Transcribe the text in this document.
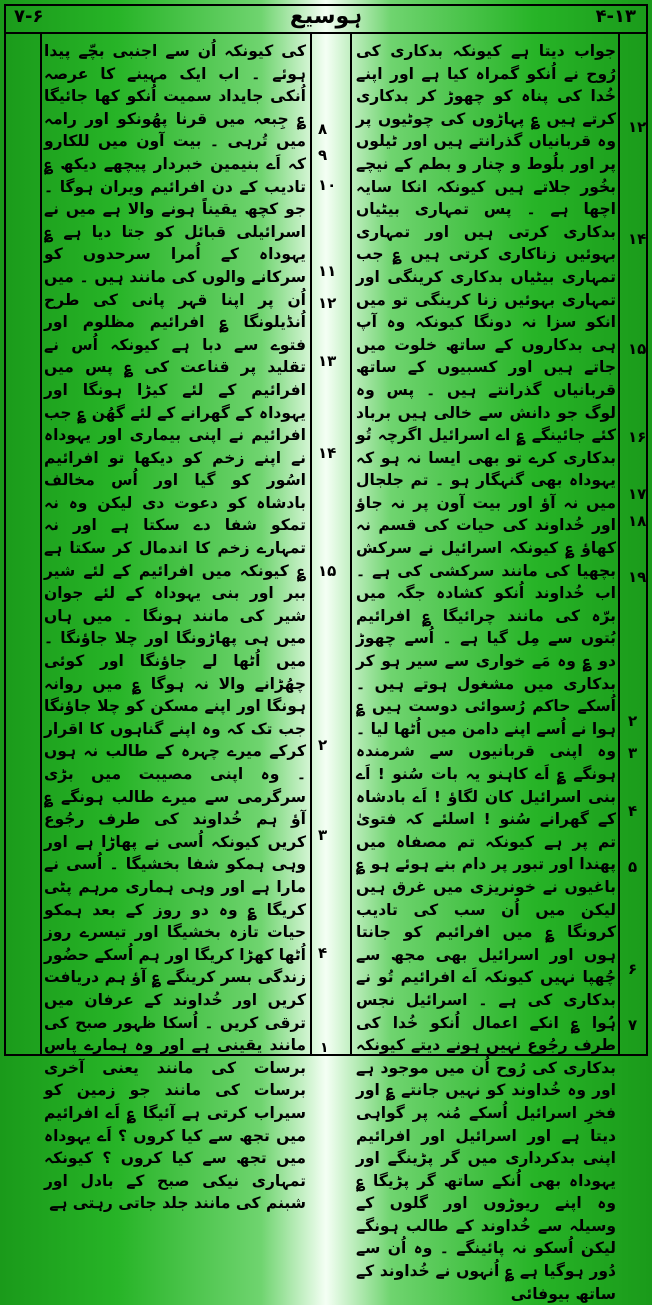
۷-۶	ہوسیع	۴-۱۳

جواب دیتا ہے کیونکہ بدکاری کی رُوح نے اُنکو گمراہ کیا ہے اور اپنے خُدا کی پناہ کو چھوڑ کر بدکاری کرتے ہیں ؏ پہاڑوں کی چوٹیوں پر وہ قربانیاں گذرانتے ہیں اور ٹیلوں پر اور بلُوط و چنار و بطم کے نیچے بخُور جلاتے ہیں کیونکہ انکا سایہ اچھا ہے ۔ پس تمہاری بیٹیاں بدکاری کرتی ہیں اور تمہاری بہوئیں زناکاری کرتی ہیں ؏ جب تمہاری بیٹیاں بدکاری کرینگی اور تمہاری بہوئیں زنا کرینگی تو میں انکو سزا نہ دونگا کیونکہ وہ آپ ہی بدکاروں کے ساتھ خلوت میں جاتے ہیں اور کسبیوں کے ساتھ قربانیاں گذرانتے ہیں ۔ پس وہ لوگ جو دانش سے خالی ہیں برباد کئے جائینگے ؏ اے اسرائیل اگرچہ تُو بدکاری کرے تو بھی ایسا نہ ہو کہ یہوداہ بھی گنہگار ہو ۔ تم جلجال میں نہ آؤ اور بیت آون پر نہ جاؤ اور خُداوند کی حیات کی قسم نہ کھاؤ ؏ کیونکہ اسرائیل نے سرکش بچھیا کی مانند سرکشی کی ہے ۔ اب خُداوند اُنکو کشادہ جگہ میں برّہ کی مانند چرائیگا ؏ افرائیم بُتوں سے مِل گیا ہے ۔ اُسے چھوڑ دو ؏ وہ مَے خواری سے سیر ہو کر بدکاری میں مشغول ہوتے ہیں ۔ اُسکے حاکم رُسوائی دوست ہیں ؏ ہوا نے اُسے اپنے دامن میں اُٹھا لیا ۔ وہ اپنی قربانیوں سے شرمندہ ہونگے ؏ اَے کاہنو یہ بات سُنو ! اَے بنی اسرائیل کان لگاؤ ! اَے بادشاہ کے گھرانے سُنو ! اسلئے کہ فتویٰ تم پر ہے کیونکہ تم مصفاہ میں پھندا اور تبور پر دام بنے ہوئے ہو ؏ باغیوں نے خونریزی میں غرق ہیں لیکن میں اُن سب کی تادیب کرونگا ؏ میں افرائیم کو جانتا ہوں اور اسرائیل بھی مجھ سے چُھپا نہیں کیونکہ اَے افرائیم تُو نے بدکاری کی ہے ۔ اسرائیل نجس ہُوا ؏ انکے اعمال اُنکو خُدا کی طرف رجُوع نہیں ہونے دیتے کیونکہ بدکاری کی رُوح اُن میں موجود ہے اور وہ خُداوند کو نہیں جانتے ؏ اور فخرِ اسرائیل اُسکے مُنہ پر گواہی دیتا ہے اور اسرائیل اور افرائیم اپنی بدکرداری میں گر پڑینگے اور یہوداہ بھی اُنکے ساتھ گر پڑیگا ؏ وہ اپنے ریوڑوں اور گلوں کے وسیلہ سے خُداوند کے طالب ہونگے لیکن اُسکو نہ پائینگے ۔ وہ اُن سے دُور ہوگیا ہے ؏ اُنہوں نے خُداوند کے ساتھ بیوفائی

کی کیونکہ اُن سے اجنبی بچّے پیدا ہوئے ۔ اب ایک مہینے کا عرصہ اُنکی جایداد سمیت اُنکو کھا جائیگا ؏ جِبعہ میں قرنا پھُونکو اور رامہ میں تُرہی ۔ بیت آون میں للکارو کہ اَے بنیمین خبردار پیچھے دیکھ ؏ تادیب کے دن افرائیم ویران ہوگا ۔ جو کچھ یقیناً ہونے والا ہے میں نے اسرائیلی قبائل کو جتا دیا ہے ؏ یہوداہ کے اُمرا سرحدوں کو سرکانے والوں کی مانند ہیں ۔ میں اُن پر اپنا قہر پانی کی طرح اُنڈیلونگا ؏ افرائیم مظلوم اور فتوے سے دبا ہے کیونکہ اُس نے تقلید پر قناعت کی ؏ پس میں افرائیم کے لئے کیڑا ہونگا اور یہوداہ کے گھرانے کے لئے گھُن ؏ جب افرائیم نے اپنی بیماری اور یہوداہ نے اپنے زخم کو دیکھا تو افرائیم اسُور کو گیا اور اُس مخالف بادشاہ کو دعوت دی لیکن وہ نہ تمکو شفا دے سکتا ہے اور نہ تمہارے زخم کا اندمال کر سکتا ہے ؏ کیونکہ میں افرائیم کے لئے شیر ببر اور بنی یہوداہ کے لئے جوان شیر کی مانند ہونگا ۔ میں ہاں میں ہی پھاڑونگا اور چلا جاؤنگا ۔ میں اُٹھا لے جاؤنگا اور کوئی چھُڑانے والا نہ ہوگا ؏ میں روانہ ہونگا اور اپنے مسکن کو چلا جاؤنگا جب تک کہ وہ اپنے گناہوں کا اقرار کرکے میرے چہرہ کے طالب نہ ہوں ۔ وہ اپنی مصیبت میں بڑی سرگرمی سے میرے طالب ہونگے ؏ آؤ ہم خُداوند کی طرف رجُوع کریں کیونکہ اُسی نے پھاڑا ہے اور وہی ہمکو شفا بخشیگا ۔ اُسی نے مارا ہے اور وہی ہماری مرہم پٹی کریگا ؏ وہ دو روز کے بعد ہمکو حیات تازہ بخشیگا اور تیسرے روز اُٹھا کھڑا کریگا اور ہم اُسکے حضُور زندگی بسر کرینگے ؏ آؤ ہم دریافت کریں اور خُداوند کے عرفان میں ترقی کریں ۔ اُسکا ظہور صبح کی مانند یقینی ہے اور وہ ہمارے پاس برسات کی مانند یعنی آخری برسات کی مانند جو زمین کو سیراب کرتی ہے آئیگا ؏ اَے افرائیم میں تجھ سے کیا کروں ؟ اَے یہوداہ میں تجھ سے کیا کروں ؟ کیونکہ تمہاری نیکی صبح کے بادل اور شبنم کی مانند جلد جاتی رہتی ہے

۱۲
۱۴
۱۵
۱۶
۱۷
۱۸
۱۹
۲
۳
۴
۵
۶
۷
۸
۹
۱۰
۱۱
۱۲
۱۳
۱۴
۱۵
۲
۳
۴
۱
